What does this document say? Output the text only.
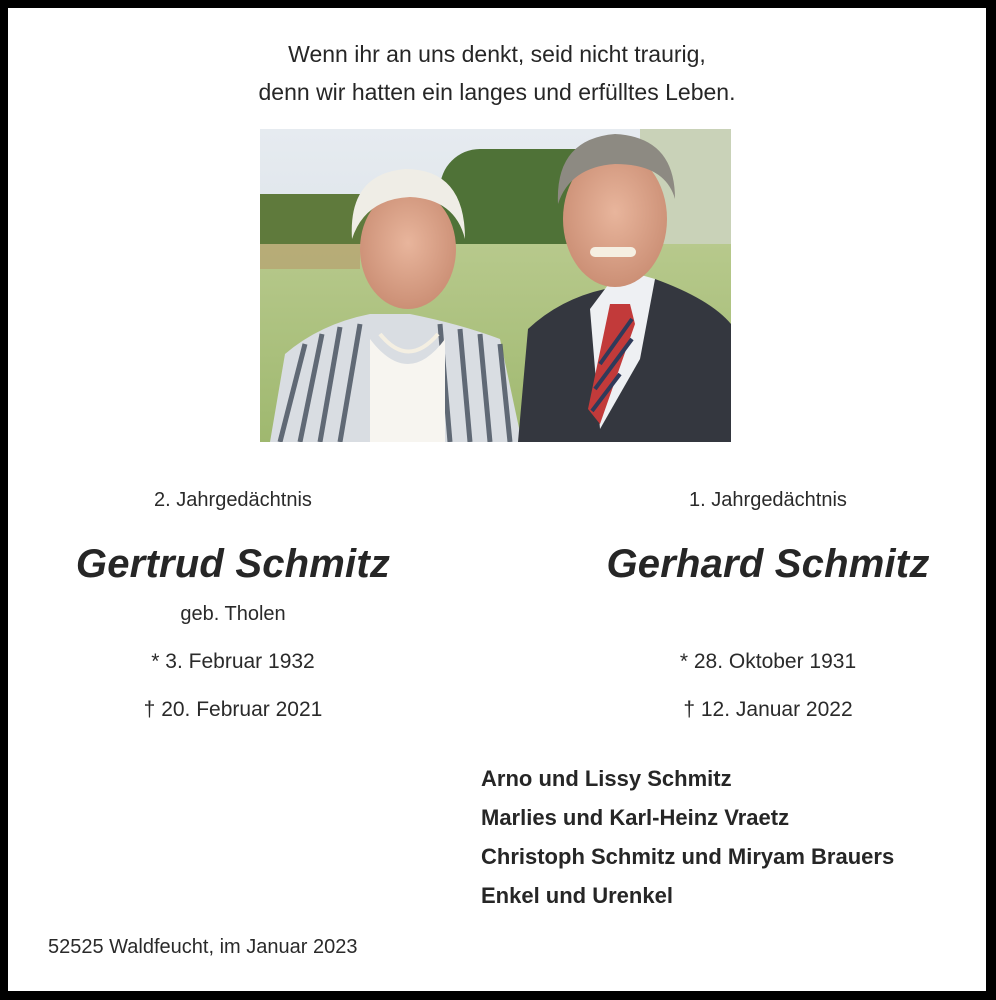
Wenn ihr an uns denkt, seid nicht traurig,
denn wir hatten ein langes und erfülltes Leben.
2. Jahrgedächtnis
Gertrud Schmitz
geb. Tholen
* 3. Februar 1932
† 20. Februar 2021
1. Jahrgedächtnis
Gerhard Schmitz
* 28. Oktober 1931
† 12. Januar 2022
Arno und Lissy Schmitz
Marlies und Karl-Heinz Vraetz
Christoph Schmitz und Miryam Brauers
Enkel und Urenkel
52525 Waldfeucht, im Januar 2023
